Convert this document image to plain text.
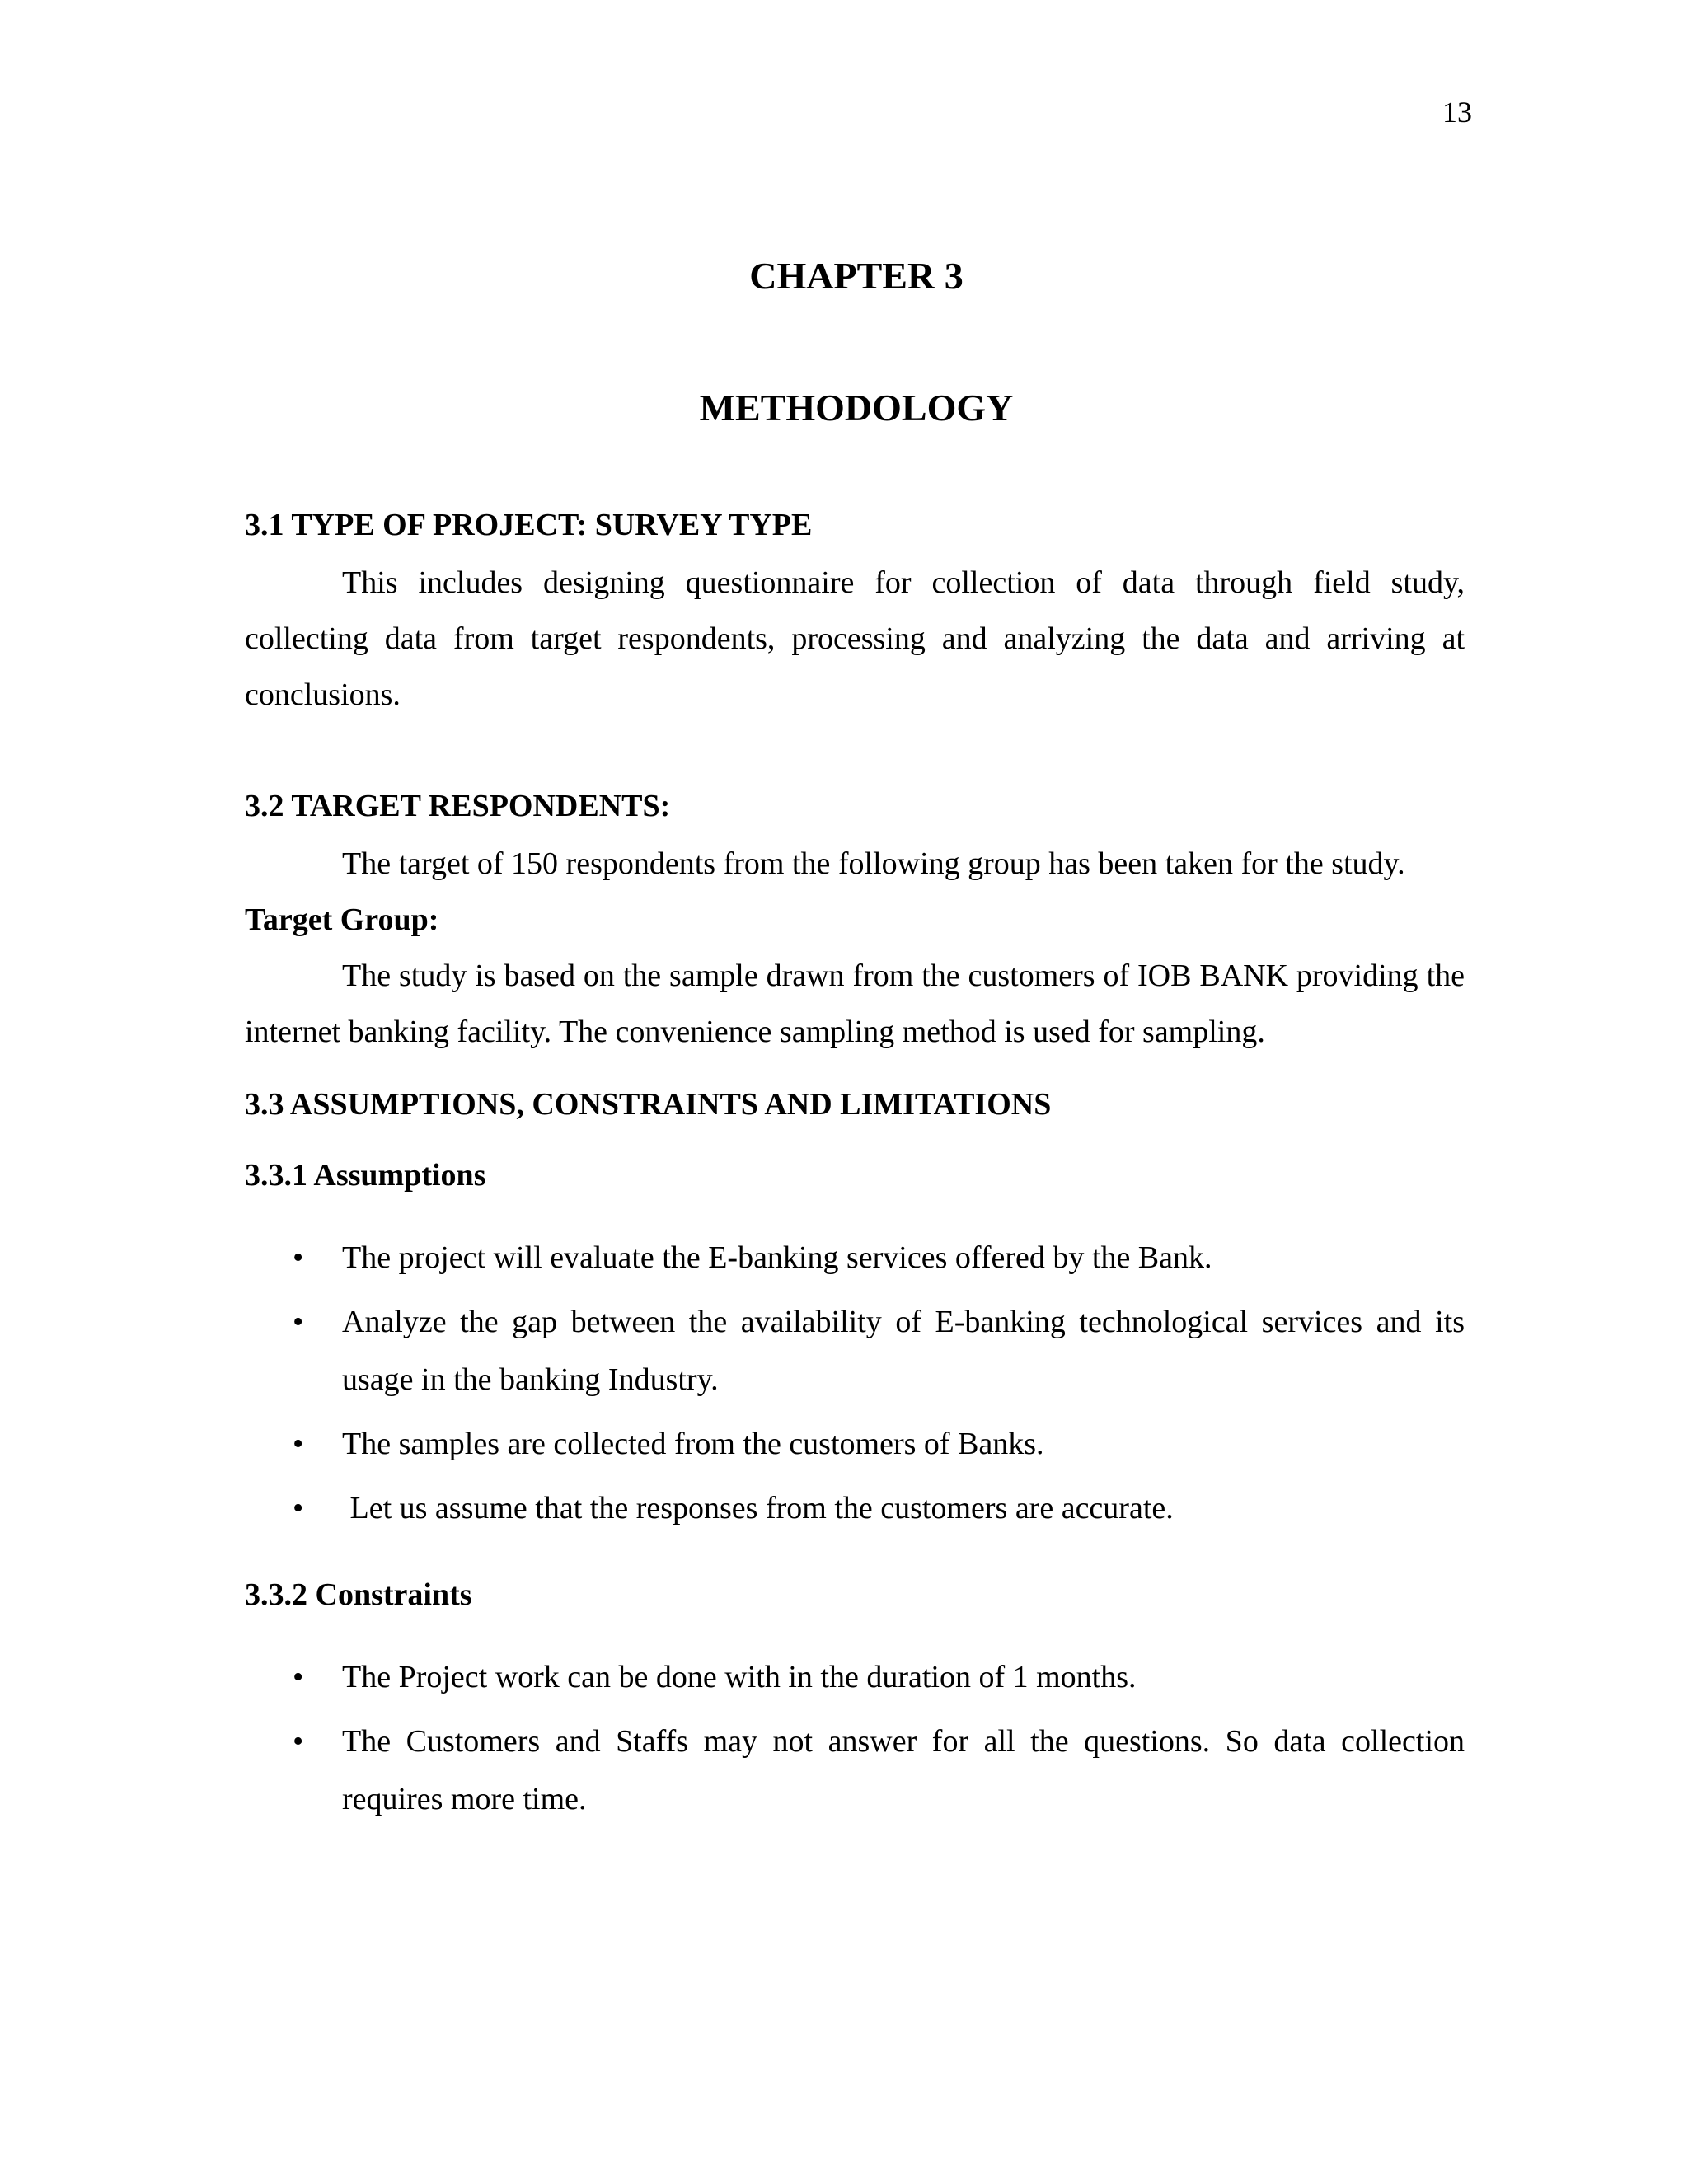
13
CHAPTER 3
METHODOLOGY
3.1 TYPE OF PROJECT: SURVEY TYPE

This includes designing questionnaire for collection of data through field study, collecting data from target respondents, processing and analyzing the data and arriving at conclusions.

3.2 TARGET RESPONDENTS:

The target of 150 respondents from the following group has been taken for the study.

Target Group:

The study is based on the sample drawn from the customers of IOB BANK providing the internet banking facility. The convenience sampling method is used for sampling.

3.3 ASSUMPTIONS, CONSTRAINTS AND LIMITATIONS
3.3.1 Assumptions
• The project will evaluate the E-banking services offered by the Bank.
• Analyze the gap between the availability of E-banking technological services and its usage in the banking Industry.
• The samples are collected from the customers of Banks.
• Let us assume that the responses from the customers are accurate.
3.3.2 Constraints
• The Project work can be done with in the duration of 1 months.
• The Customers and Staffs may not answer for all the questions. So data collection requires more time.
